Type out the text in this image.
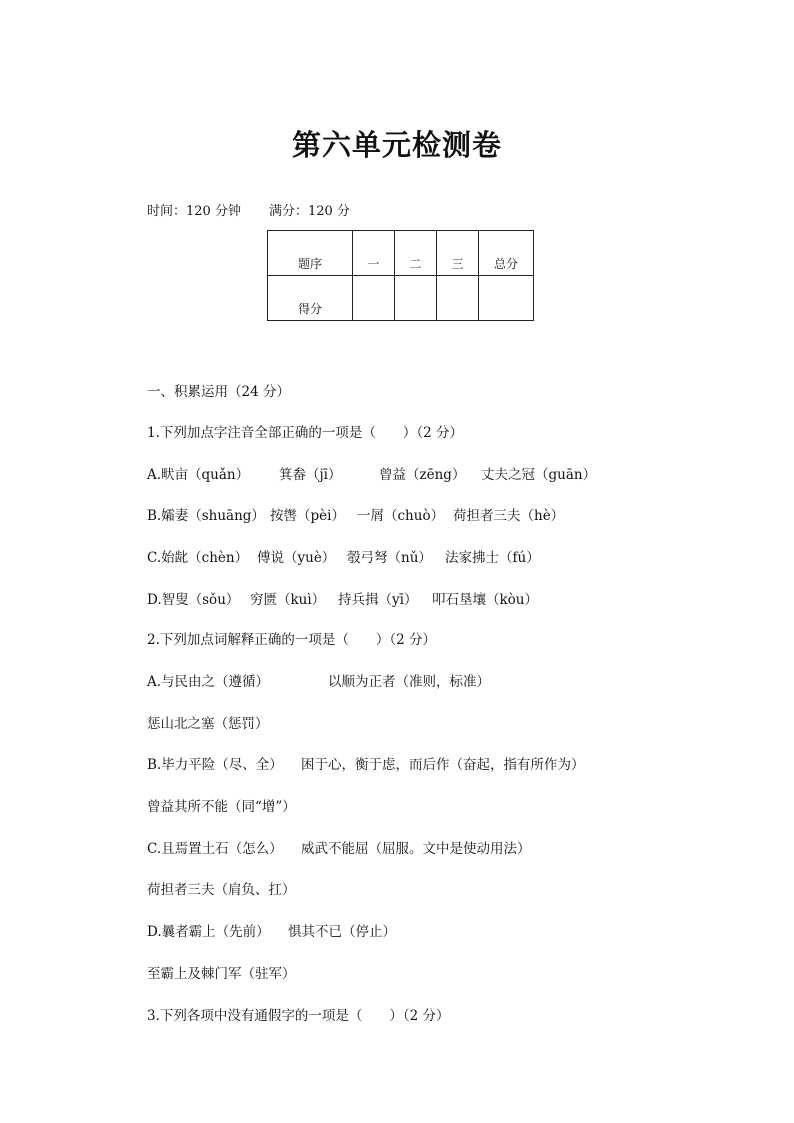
第六单元检测卷
时间：120 分钟 满分：120 分
题序	一	二	三	总分
得分				
一、积累运用（24 分）
1.下列加点字注音全部正确的一项是（　　）（2 分）
A.畎亩（quǎn） 箕畚（jī）	曾益（zēng） 丈夫之冠（guān）
B.孀妻（shuāng） 按辔（pèi） 一屑（chuò） 荷担者三夫（hè）
C.始龀（chèn） 傅说（yuè） 彀弓弩（nǔ） 法家拂士（fú）
D.智叟（sǒu） 穷匮（kuì） 持兵揖（yī） 叩石垦壤（kòu）
2.下列加点词解释正确的一项是（　　）（2 分）
A.与民由之（遵循）	以顺为正者（准则，标准）
惩山北之塞（惩罚）
B.毕力平险（尽、全） 困于心，衡于虑，而后作（奋起，指有所作为）
曾益其所不能（同“增”）
C.且焉置土石（怎么） 威武不能屈（屈服。文中是使动用法）
荷担者三夫（肩负、扛）
D.曩者霸上（先前） 惧其不已（停止）
至霸上及棘门军（驻军）
3.下列各项中没有通假字的一项是（　　）（2 分）
